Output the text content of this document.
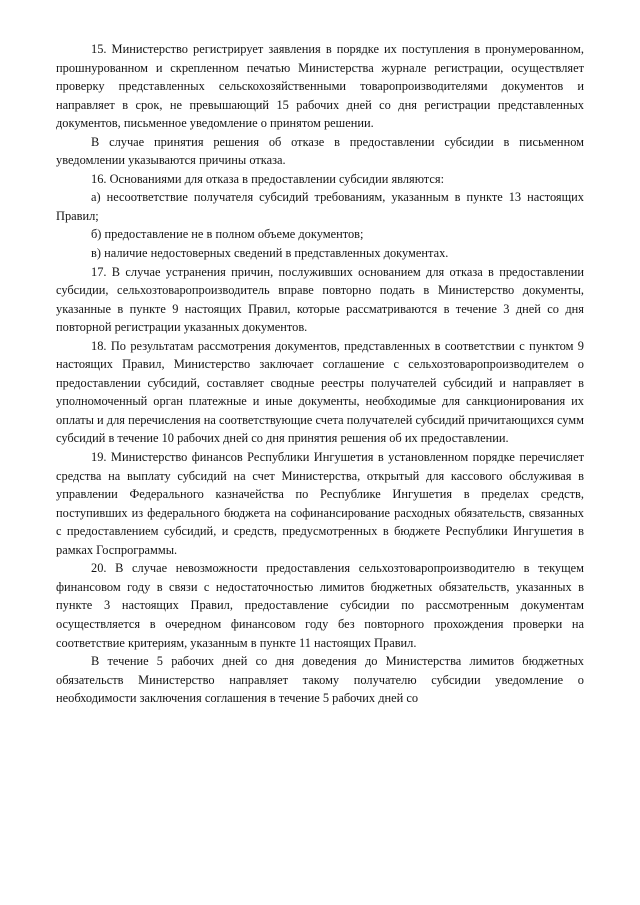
15. Министерство регистрирует заявления в порядке их поступления в пронумерованном, прошнурованном и скрепленном печатью Министерства журнале регистрации, осуществляет проверку представленных сельскохозяйственными товаропроизводителями документов и направляет в срок, не превышающий 15 рабочих дней со дня регистрации представленных документов, письменное уведомление о принятом решении.

В случае принятия решения об отказе в предоставлении субсидии в письменном уведомлении указываются причины отказа.

16. Основаниями для отказа в предоставлении субсидии являются:

а) несоответствие получателя субсидий требованиям, указанным в пункте 13 настоящих Правил;

б) предоставление не в полном объеме документов;

в) наличие недостоверных сведений в представленных документах.

17. В случае устранения причин, послуживших основанием для отказа в предоставлении субсидии, сельхозтоваропроизводитель вправе повторно подать в Министерство документы, указанные в пункте 9 настоящих Правил, которые рассматриваются в течение 3 дней со дня повторной регистрации указанных документов.

18. По результатам рассмотрения документов, представленных в соответствии с пунктом 9 настоящих Правил, Министерство заключает соглашение с сельхозтоваропроизводителем о предоставлении субсидий, составляет сводные реестры получателей субсидий и направляет в уполномоченный орган платежные и иные документы, необходимые для санкционирования их оплаты и для перечисления на соответствующие счета получателей субсидий причитающихся сумм субсидий в течение 10 рабочих дней со дня принятия решения об их предоставлении.

19. Министерство финансов Республики Ингушетия в установленном порядке перечисляет средства на выплату субсидий на счет Министерства, открытый для кассового обслуживая в управлении Федерального казначейства по Республике Ингушетия в пределах средств, поступивших из федерального бюджета на софинансирование расходных обязательств, связанных с предоставлением субсидий, и средств, предусмотренных в бюджете Республики Ингушетия в рамках Госпрограммы.

20. В случае невозможности предоставления сельхозтоваропроизводителю в текущем финансовом году в связи с недостаточностью лимитов бюджетных обязательств, указанных в пункте 3 настоящих Правил, предоставление субсидии по рассмотренным документам осуществляется в очередном финансовом году без повторного прохождения проверки на соответствие критериям, указанным в пункте 11 настоящих Правил.

В течение 5 рабочих дней со дня доведения до Министерства лимитов бюджетных обязательств Министерство направляет такому получателю субсидии уведомление о необходимости заключения соглашения в течение 5 рабочих дней со
